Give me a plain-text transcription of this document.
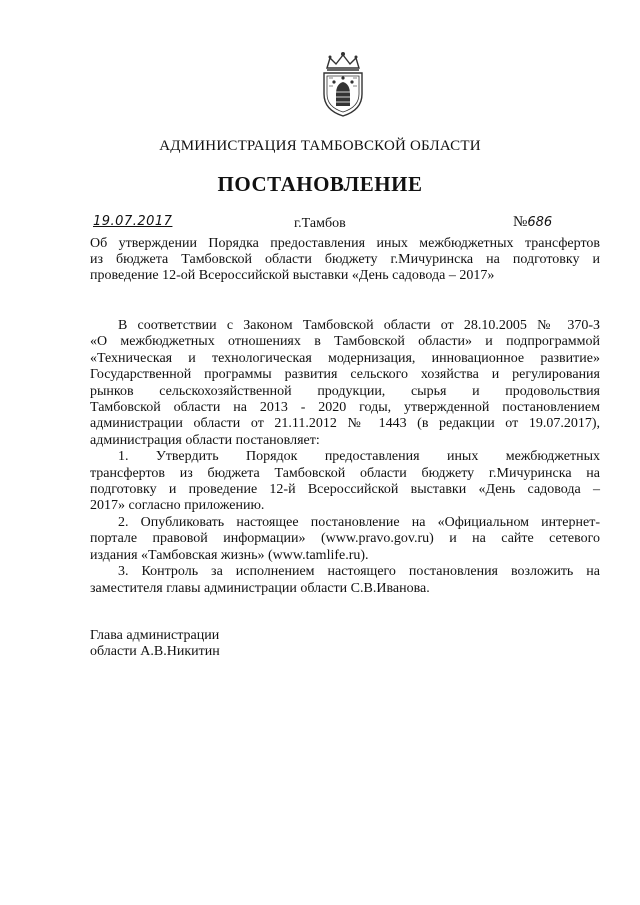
АДМИНИСТРАЦИЯ ТАМБОВСКОЙ ОБЛАСТИ
ПОСТАНОВЛЕНИЕ
19.07.2017	г.Тамбов	№686
Об утверждении Порядка предоставления иных межбюджетных трансфертов
из бюджета Тамбовской области бюджету г.Мичуринска на подготовку и
проведение 12-ой Всероссийской выставки «День садовода – 2017»
В соответствии с Законом Тамбовской области от 28.10.2005 № 370-З
«О межбюджетных отношениях в Тамбовской области» и подпрограммой
«Техническая и технологическая модернизация, инновационное развитие»
Государственной программы развития сельского хозяйства и регулирования
рынков сельскохозяйственной продукции, сырья и продовольствия
Тамбовской области на 2013 - 2020 годы, утвержденной постановлением
администрации области от 21.11.2012 № 1443 (в редакции от 19.07.2017),
администрация области постановляет:
1. Утвердить Порядок предоставления иных межбюджетных
трансфертов из бюджета Тамбовской области бюджету г.Мичуринска на
подготовку и проведение 12-й Всероссийской выставки «День садовода –
2017» согласно приложению.
2. Опубликовать настоящее постановление на «Официальном интернет-
портале правовой информации» (www.pravo.gov.ru) и на сайте сетевого
издания «Тамбовская жизнь» (www.tamlife.ru).
3. Контроль за исполнением настоящего постановления возложить на
заместителя главы администрации области С.В.Иванова.
Глава администрации
области А.В.Никитин
